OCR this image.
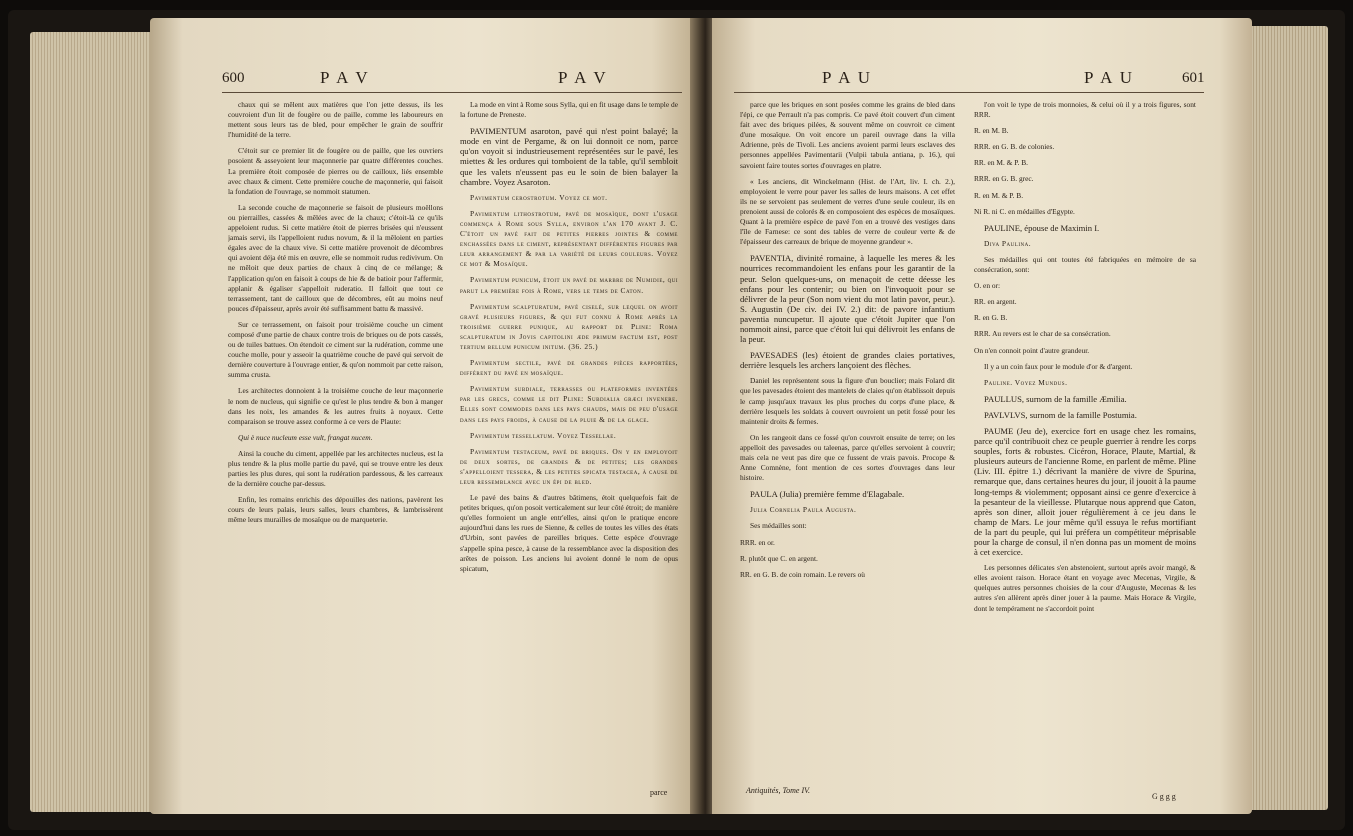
600	P A V	P A V

chaux qui se mêlent aux matières que l'on jette dessus, ils les couvroient d'un lit de fougère ou de paille, comme les laboureurs en mettent sous leurs tas de bled, pour empêcher le grain de souffrir l'humidité de la terre.

C'étoit sur ce premier lit de fougère ou de paille, que les ouvriers posoient & asseyoient leur maçonnerie par quatre différentes couches. La première étoit composée de pierres ou de cailloux, liés ensemble avec chaux & ciment. Cette première couche de maçonnerie, qui faisoit la fondation de l'ouvrage, se nommoit statumen.

La seconde couche de maçonnerie se faisoit de plusieurs moëllons ou pierrailles, cassées & mêlées avec de la chaux; c'étoit-là ce qu'ils appeloient rudus. Si cette matière étoit de pierres brisées qui n'eussent jamais servi, ils l'appelloient rudus novum, & il la mêloient en parties égales avec de la chaux vive. Si cette matière provenoit de décombres qui avoient déja été mis en œuvre, elle se nommoit rudus redivivum. On ne mêloit que deux parties de chaux à cinq de ce mélange; & l'application qu'on en faisoit à coups de hie & de batioir pour l'affermir, applanir & égaliser s'appelloit ruderatio. Il falloit que tout ce terrassement, tant de cailloux que de décombres, eût au moins neuf pouces d'épaisseur, après avoir été suffisamment battu & massivé.

Sur ce terrassement, on faisoit pour troisième couche un ciment composé d'une partie de chaux contre trois de briques ou de pots cassés, ou de tuiles battues. On étendoit ce ciment sur la rudération, comme une couche molle, pour y asseoir la quatrième couche de pavé qui servoit de dernière couverture à l'ouvrage entier, & qu'on nommoit par cette raison, summa crusta.

Les architectes donnoient à la troisième couche de leur maçonnerie le nom de nucleus, qui signifie ce qu'est le plus tendre & bon à manger dans les noix, les amandes & les autres fruits à noyaux. Cette comparaison se trouve assez conforme à ce vers de Plaute:

Qui è nuce nucleum esse vult, frangat nucem.

Ainsi la couche du ciment, appellée par les architectes nucleus, est la plus tendre & la plus molle partie du pavé, qui se trouve entre les deux parties les plus dures, qui sont la rudération pardessous, & les carreaux de la dernière couche par-dessus.

Enfin, les romains enrichis des dépouilles des nations, pavèrent les cours de leurs palais, leurs salles, leurs chambres, & lambrissèrent même leurs murailles de mosaïque ou de marqueterie.

La mode en vint à Rome sous Sylla, qui en fit usage dans le temple de la fortune de Preneste.

PAVIMENTUM asaroton, pavé qui n'est point balayé; la mode en vint de Pergame, & on lui donnoit ce nom, parce qu'on voyoit si industrieusement représentées sur le pavé, les miettes & les ordures qui tomboient de la table, qu'il sembloit que les valets n'eussent pas eu le soin de bien balayer la chambre. Voyez Asaroton.

Pavimentum cerostrotum. Voyez ce mot.

Pavimentum lithostrotum, pavé de mosaïque, dont l'usage commença à Rome sous Sylla, environ l'an 170 avant J. C. C'étoit un pavé fait de petites pierres jointes & comme enchassées dans le ciment, représentant différentes figures par leur arrangement & par la variété de leurs couleurs. Voyez ce mot & Mosaïque.

Pavimentum punicum, étoit un pavé de marbre de Numidie, qui parut la première fois à Rome, vers le tems de Caton.

Pavimentum scalpturatum, pavé ciselé, sur lequel on avoit gravé plusieurs figures, & qui fut connu à Rome après la troisième guerre punique, au rapport de Pline: Roma scalpturatum in Jovis capitolini æde primum factum est, post tertium bellum punicum initum. (36. 25.)

Pavimentum sectile, pavé de grandes pièces rapportées, différent du pavé en mosaïque.

Pavimentum subdiale, terrasses ou plateformes inventées par les grecs, comme le dit Pline: Subdialia græci invenere. Elles sont commodes dans les pays chauds, mais de peu d'usage dans les pays froids, à cause de la pluie & de la glace.

Pavimentum tessellatum. Voyez Tessellae.

Pavimentum testaceum, pavé de briques. On y en employoit de deux sortes, de grandes & de petites; les grandes s'appelloient tessera, & les petites spicata testacea, à cause de leur ressemblance avec un épi de bled.

Le pavé des bains & d'autres bâtimens, étoit quelquefois fait de petites briques, qu'on posoit verticalement sur leur côté étroit; de manière qu'elles formoient un angle entr'elles, ainsi qu'on le pratique encore aujourd'hui dans les rues de Sienne, & celles de toutes les villes des états d'Urbin, sont pavées de pareilles briques. Cette espèce d'ouvrage s'appelle spina pesce, à cause de la ressemblance avec la disposition des arêtes de poisson. Les anciens lui avoient donné le nom de opus spicatum,

parce
P A U	P A U	601

parce que les briques en sont posées comme les grains de bled dans l'épi, ce que Perrault n'a pas compris. Ce pavé étoit couvert d'un ciment fait avec des briques pilées, & souvent même on couvroit ce ciment d'une mosaïque. On voit encore un pareil ouvrage dans la villa Adrienne, près de Tivoli. Les anciens avoient parmi leurs esclaves des personnes appellées Pavimentarii (Vulpii tabula antiana, p. 16.), qui savoient faire toutes sortes d'ouvrages en platre.

« Les anciens, dit Winckelmann (Hist. de l'Art, liv. I. ch. 2.), employoient le verre pour paver les salles de leurs maisons. A cet effet ils ne se servoient pas seulement de verres d'une seule couleur, ils en prenoient aussi de colorés & en composoient des espèces de mosaïques. Quant à la première espèce de pavé l'on en a trouvé des vestiges dans l'île de Farnese: ce sont des tables de verre de couleur verte & de l'épaisseur des carreaux de brique de moyenne grandeur ».

PAVENTIA, divinité romaine, à laquelle les meres & les nourrices recommandoient les enfans pour les garantir de la peur. Selon quelques-uns, on menaçoit de cette déesse les enfans pour les contenir; ou bien on l'invoquoit pour se délivrer de la peur (Son nom vient du mot latin pavor, peur.). S. Augustin (De civ. dei IV. 2.) dit: de pavore infantium paventia nuncupetur. Il ajoute que c'étoit Jupiter que l'on nommoit ainsi, parce que c'étoit lui qui délivroit les enfans de la peur.

PAVESADES (les) étoient de grandes claies portatives, derrière lesquels les archers lançoient des flèches.

Daniel les représentent sous la figure d'un bouclier; mais Folard dit que les pavesades étoient des mantelets de claies qu'on établissoit depuis le camp jusqu'aux travaux les plus proches du corps d'une place, & derrière lesquels les soldats à couvert ouvroient un petit fossé pour les maintenir droits & fermes.

On les rangeoit dans ce fossé qu'on couvroit ensuite de terre; on les appelloit des pavesades ou taleenas, parce qu'elles servoient à couvrir; mais cela ne veut pas dire que ce fussent de vrais pavois. Procope & Anne Comnène, font mention de ces sortes d'ouvrages dans leur histoire.

PAULA (Julia) première femme d'Elagabale.

Julia Cornelia Paula Augusta.

Ses médailles sont:

RRR. en or.

R. plutôt que C. en argent.

RR. en G. B. de coin romain. Le revers où

Antiquités, Tome IV.

l'on voit le type de trois monnoies, & celui où il y a trois figures, sont RRR.

R. en M. B.

RRR. en G. B. de colonies.

RR. en M. & P. B.

RRR. en G. B. grec.

R. en M. & P. B.

Ni R. ni C. en médailles d'Egypte.

PAULINE, épouse de Maximin I.

Diva Paulina.

Ses médailles qui ont toutes été fabriquées en mémoire de sa consécration, sont:

O. en or:

RR. en argent.

R. en G. B.

RRR. Au revers est le char de sa consécration.

On n'en connoit point d'autre grandeur.

Il y a un coin faux pour le module d'or & d'argent.

Pauline. Voyez Mundus.

PAULLUS, surnom de la famille Æmilia.

PAVLVLVS, surnom de la famille Postumia.

PAUME (Jeu de), exercice fort en usage chez les romains, parce qu'il contribuoit chez ce peuple guerrier à rendre les corps souples, forts & robustes. Cicéron, Horace, Plaute, Martial, & plusieurs auteurs de l'ancienne Rome, en parlent de même. Pline (Liv. III. épitre 1.) décrivant la manière de vivre de Spurina, remarque que, dans certaines heures du jour, il jouoit à la paume long-temps & violemment; opposant ainsi ce genre d'exercice à la pesanteur de la vieillesse. Plutarque nous apprend que Caton, après son diner, alloit jouer régulièrement à ce jeu dans le champ de Mars. Le jour même qu'il essuya le refus mortifiant de la part du peuple, qui lui préfera un compétiteur méprisable pour la charge de consul, il n'en donna pas un moment de moins à cet exercice.

Les personnes délicates s'en abstenoient, surtout après avoir mangé, & elles avoient raison. Horace étant en voyage avec Mecenas, Virgile, & quelques autres personnes choisies de la cour d'Auguste, Mecenas & les autres s'en allèrent après diner jouer à la paume. Mais Horace & Virgile, dont le tempérament ne s'accordoit point

G g g g
